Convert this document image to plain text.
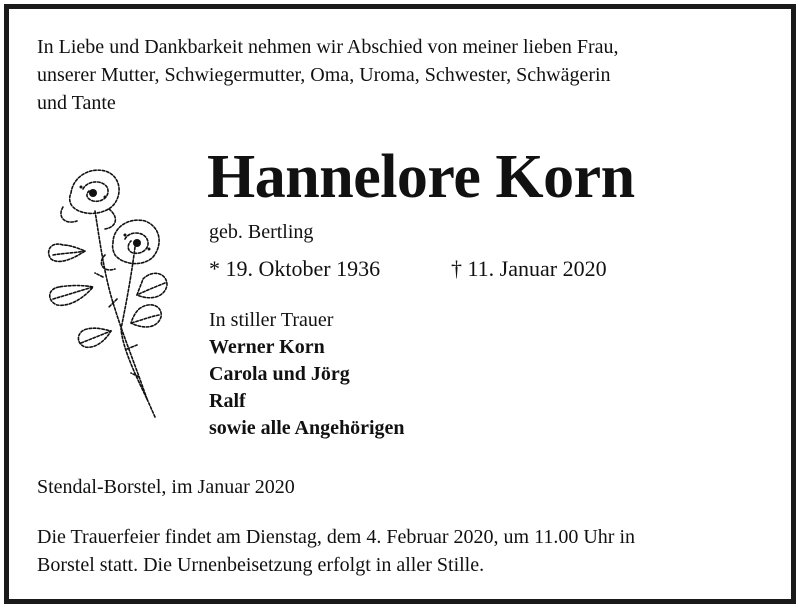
In Liebe und Dankbarkeit nehmen wir Abschied von meiner lieben Frau,
unserer Mutter, Schwiegermutter, Oma, Uroma, Schwester, Schwägerin
und Tante
Hannelore Korn
geb. Bertling
* 19. Oktober 1936	† 11. Januar 2020
In stiller Trauer
Werner Korn
Carola und Jörg
Ralf
sowie alle Angehörigen
Stendal-Borstel, im Januar 2020
Die Trauerfeier findet am Dienstag, dem 4. Februar 2020, um 11.00 Uhr in
Borstel statt. Die Urnenbeisetzung erfolgt in aller Stille.
